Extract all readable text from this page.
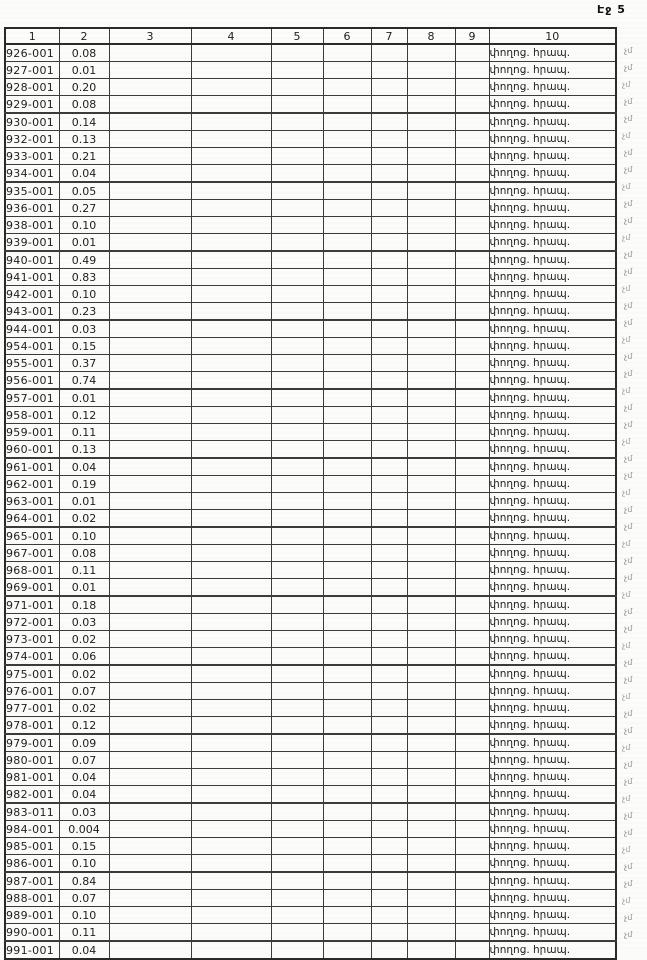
Էջ 5
1	2	3	4	5	6	7	8	9	10
926-001	0.08								փողոց. հրապ.
927-001	0.01								փողոց. հրապ.
928-001	0.20								փողոց. հրապ.
929-001	0.08								փողոց. հրապ.
930-001	0.14								փողոց. հրապ.
932-001	0.13								փողոց. հրապ.
933-001	0.21								փողոց. հրապ.
934-001	0.04								փողոց. հրապ.
935-001	0.05								փողոց. հրապ.
936-001	0.27								փողոց. հրապ.
938-001	0.10								փողոց. հրապ.
939-001	0.01								փողոց. հրապ.
940-001	0.49								փողոց. հրապ.
941-001	0.83								փողոց. հրապ.
942-001	0.10								փողոց. հրապ.
943-001	0.23								փողոց. հրապ.
944-001	0.03								փողոց. հրապ.
954-001	0.15								փողոց. հրապ.
955-001	0.37								փողոց. հրապ.
956-001	0.74								փողոց. հրապ.
957-001	0.01								փողոց. հրապ.
958-001	0.12								փողոց. հրապ.
959-001	0.11								փողոց. հրապ.
960-001	0.13								փողոց. հրապ.
961-001	0.04								փողոց. հրապ.
962-001	0.19								փողոց. հրապ.
963-001	0.01								փողոց. հրապ.
964-001	0.02								փողոց. հրապ.
965-001	0.10								փողոց. հրապ.
967-001	0.08								փողոց. հրապ.
968-001	0.11								փողոց. հրապ.
969-001	0.01								փողոց. հրապ.
971-001	0.18								փողոց. հրապ.
972-001	0.03								փողոց. հրապ.
973-001	0.02								փողոց. հրապ.
974-001	0.06								փողոց. հրապ.
975-001	0.02								փողոց. հրապ.
976-001	0.07								փողոց. հրապ.
977-001	0.02								փողոց. հրապ.
978-001	0.12								փողոց. հրապ.
979-001	0.09								փողոց. հրապ.
980-001	0.07								փողոց. հրապ.
981-001	0.04								փողոց. հրապ.
982-001	0.04								փողոց. հրապ.
983-011	0.03								փողոց. հրապ.
984-001	0.004								փողոց. հրապ.
985-001	0.15								փողոց. հրապ.
986-001	0.10								փողոց. հրապ.
987-001	0.84								փողոց. հրապ.
988-001	0.07								փողոց. հրապ.
989-001	0.10								փողոց. հրապ.
990-001	0.11								փողոց. հրապ.
991-001	0.04								փողոց. հրապ.
չմ
չմ
չմ
չմ
չմ
չմ
չմ
չմ
չմ
չմ
չմ
չմ
չմ
չմ
չմ
չմ
չմ
չմ
չմ
չմ
չմ
չմ
չմ
չմ
չմ
չմ
չմ
չմ
չմ
չմ
չմ
չմ
չմ
չմ
չմ
չմ
չմ
չմ
չմ
չմ
չմ
չմ
չմ
չմ
չմ
չմ
չմ
չմ
չմ
չմ
չմ
չմ
չմ
